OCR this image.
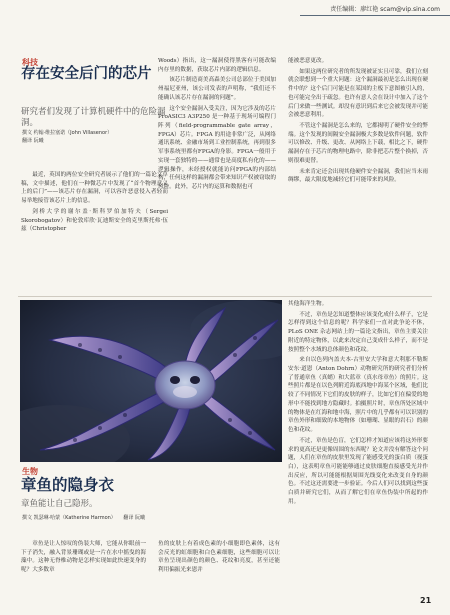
责任编辑：廖红艳 scam@vip.sina.com
科技
存在安全后门的芯片
研究者们发现了计算机硬件中的危险漏洞。
撰文 约翰·维拉塞诺（John Villasenor）
翻译 阮曦

最近，英国的两位安全研究者展示了他们的一篇论文草稿，文中描述，他们在一种微芯片中发现了“首个物理意义上的后门”——该芯片存在漏洞，可以容许恶意侵入者轻而易举地接管该芯片上的信息。

剑桥大学的谢尔盖·斯科罗伯加特夫（Sergei Skorobogatov）和伦敦库欣·瓦迪斯安全的克里斯托弗·伍兹（Christopher

Woods）指出，这一漏洞使得黑客有可能改编内存里的数据，获取芯片内部的逻辑信息。

该芯片制造商美高森美公司总部位于美国加州福尼亚州，该公司发表的声明称，“我们还不能确认该芯片存在漏洞的问题”。

这个安全漏洞入受关注，因为它涉及的芯片 ProASIC3 A3P250 是一种基于现场可编程门阵列（field-programmable gate array，FPGA）芯片。FPGA 的用途非常广泛，从网络通讯系统、金融市场到工业控制系统，再到很多军事系统里都有FPGA的身影。FPGA一般用于实现一套独特的——通常也是高度私有化的——逻辑操作，未经授权就能访问FPGA的内部结构，任何这样的漏洞都会带来知识产权被窃取的风险。此外，芯片内的运算和数据也可

能被恶意更改。

如果这两位研究者的所发现被证实且可靠，我们立刻就会联想到一个重大问题：这个漏洞最初是怎么出现在硬件中的？这个后门可能是在某国的主板下意图被引入的，也可能完全出于疏忽。也许有意人会在设计中加入了这个后门来做一些测试。却没有意识到后来它会被发现并可能会被恶意利用。

不管这个漏洞是怎么来的，它都揭明了硬件安全的弊端。这个发现的间隔安全漏洞极大多数是软件问题，软件可以修改、升级、更改、从网络上下载，相比之下，硬件漏洞存在于芯片的物理电路中，除非把芯片整个换掉，否则很难更替。

未来肯定还会出现其他硬件安全漏洞，我们应当未雨绸缪，最大限度地减轻它们可能带来的风险。

生物
章鱼的隐身衣
章鱼能让自己隐形。
撰文 凯瑟琳·哈蒙（Katherine Harmon） 翻译 阮曦

章鱼是让人惊叹的伪装大师，它能从你眼前一下子消失，融入背景珊瑚或是一片在水中摇曳的海藻中。这种无脊椎动物是怎样实现如此快速变身的呢？大多数章

鱼的皮肤上有着成色素的小细胞即色素体，这有会反光的虹细胞和白色素细胞，这些细胞可以让章鱼呈现出颜色的颜色、花纹和亮度，甚至还能利用偏振光来恩并

其他海洋生物。

不过，章鱼是怎知道整体应该变化成什么样子，它是怎样得到这个信息的呢？科学家们一直对此争论不休，PLoS ONE 杂志网站上的一篇论文指出，章鱼主要关注附近的特定物体，以此来决定自己变成什么样子，而不是按照整个水域的总体颜色和花纹。

来自以色列内盖夫本-古里安大学和意大利那不勒斯安东·道恩（Anton Dohrn）动物研究所的研究者们分析了普通章鱼（真蛸）和大蓝章（真水母章鱼）的照片。这些照片都是在以色列附近海底西地中海某个区域，他们比较了不同情况下它们的皮肤的样子，比如它们在偏爱的地形中不能找到地方隐藏时。拍摄照片时，章鱼所处区域中的物体是在红海和地中海，照片中的几乎都有可以识别的章鱼外形和细致的本地物体（如珊瑚、显眼的岩石）的颜色和花纹。

不过，章鱼是色盲，它们怎样才知道应该将这外形要求的更高还是更像周围的东西呢？论文并没有解答这个问题，人们在章鱼的皮肤里发现了能感受光的蛋白质（视蛋白），这表明章鱼可能能够通过皮肤细胞直接感受光并作出反应，所以可能能根据周围光线变化来改变自身的颜色。不过这还需要进一步验证。今后人们可以找到这些蛋白质并研究它们，从而了解它们在章鱼伪装中所起的作用。

21
